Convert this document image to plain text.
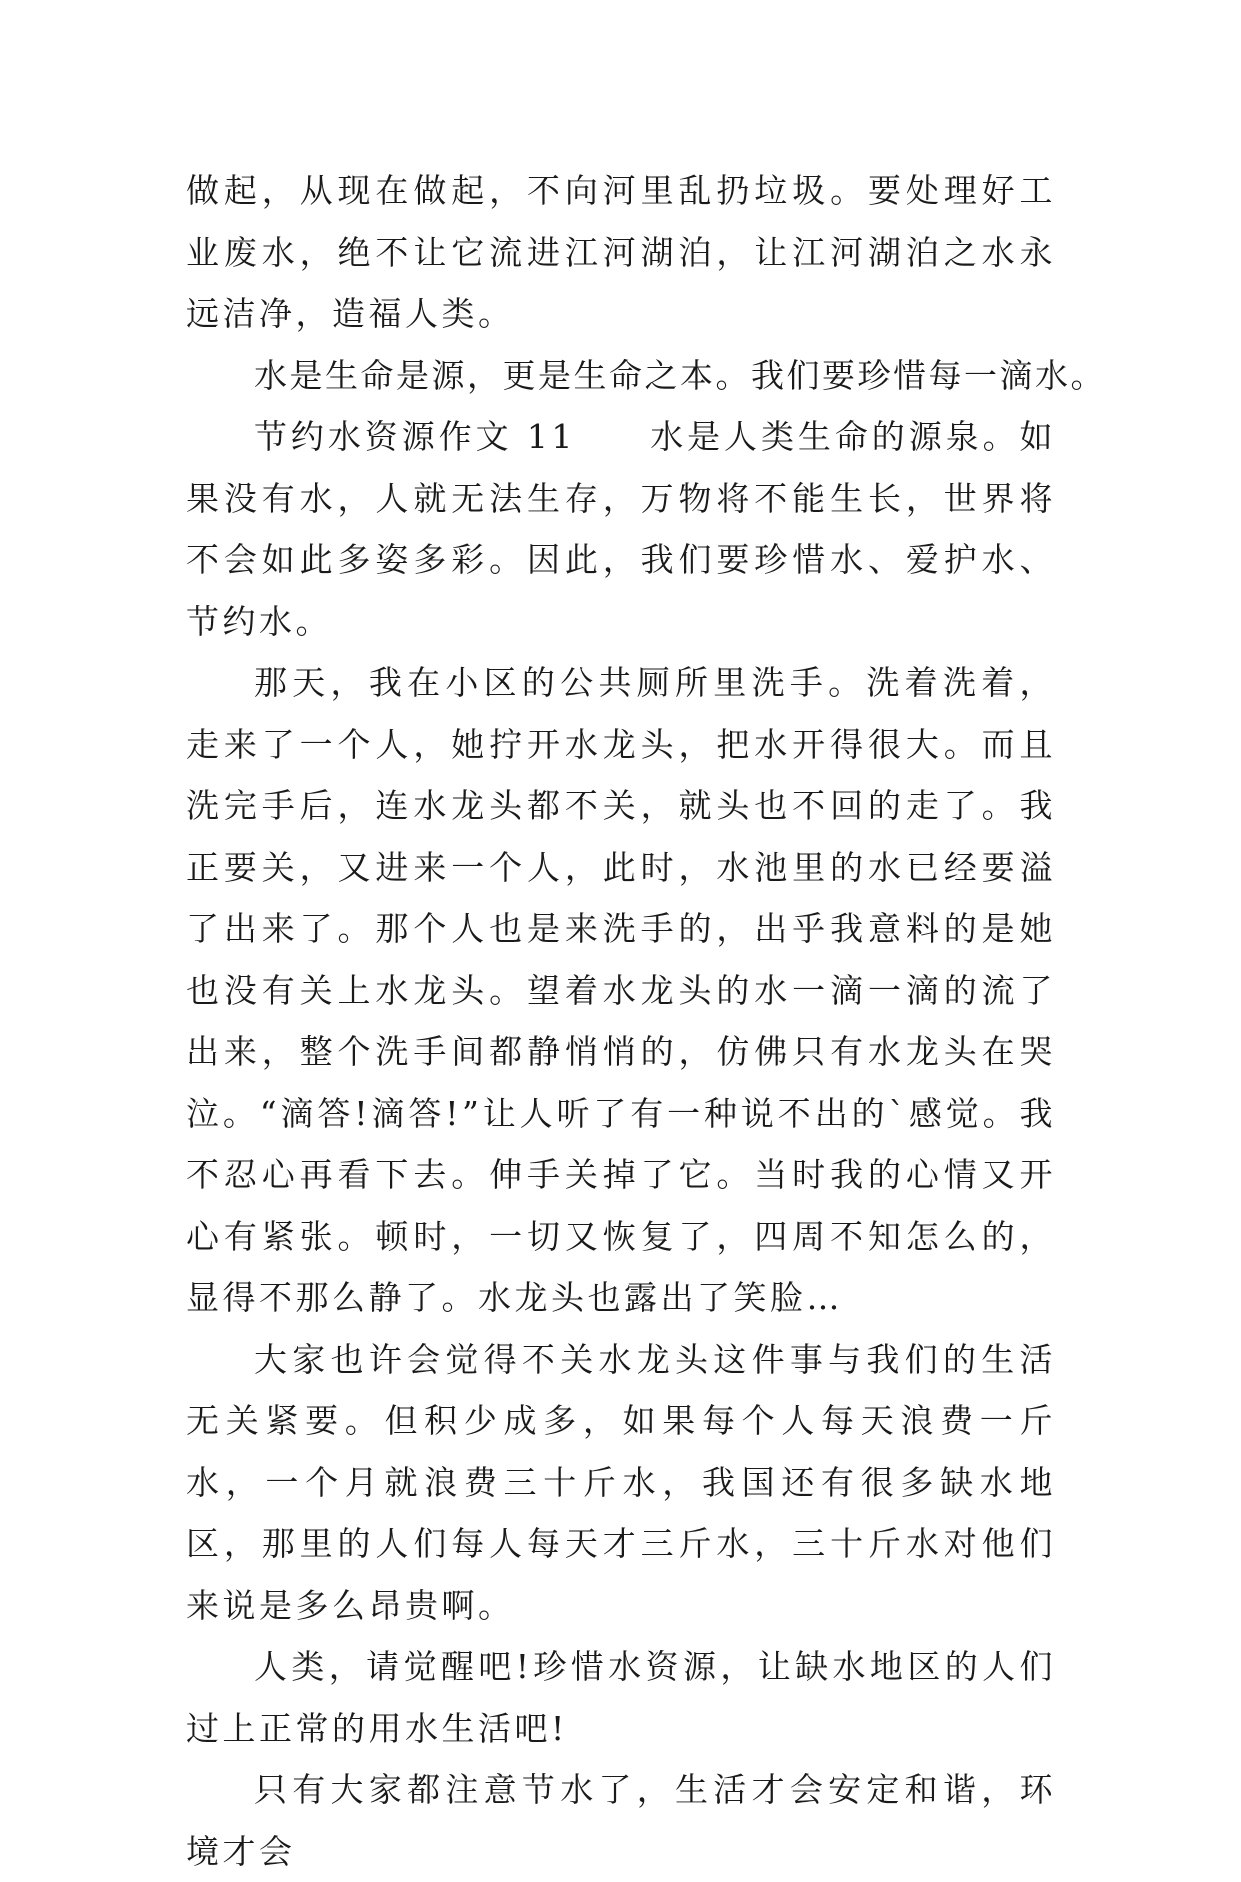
做起，从现在做起，不向河里乱扔垃圾。要处理好工业废水，绝不让它流进江河湖泊，让江河湖泊之水永远洁净，造福人类。

水是生命是源，更是生命之本。我们要珍惜每一滴水。

节约水资源作文 11　　水是人类生命的源泉。如果没有水，人就无法生存，万物将不能生长，世界将不会如此多姿多彩。因此，我们要珍惜水、爱护水、节约水。

那天，我在小区的公共厕所里洗手。洗着洗着，走来了一个人，她拧开水龙头，把水开得很大。而且洗完手后，连水龙头都不关，就头也不回的走了。我正要关，又进来一个人，此时，水池里的水已经要溢了出来了。那个人也是来洗手的，出乎我意料的是她也没有关上水龙头。望着水龙头的水一滴一滴的流了出来，整个洗手间都静悄悄的，仿佛只有水龙头在哭泣。“滴答!滴答!”让人听了有一种说不出的`感觉。我不忍心再看下去。伸手关掉了它。当时我的心情又开心有紧张。顿时，一切又恢复了，四周不知怎么的，显得不那么静了。水龙头也露出了笑脸…

大家也许会觉得不关水龙头这件事与我们的生活无关紧要。但积少成多，如果每个人每天浪费一斤水，一个月就浪费三十斤水，我国还有很多缺水地区，那里的人们每人每天才三斤水，三十斤水对他们来说是多么昂贵啊。

人类，请觉醒吧!珍惜水资源，让缺水地区的人们过上正常的用水生活吧!

只有大家都注意节水了，生活才会安定和谐，环境才会
